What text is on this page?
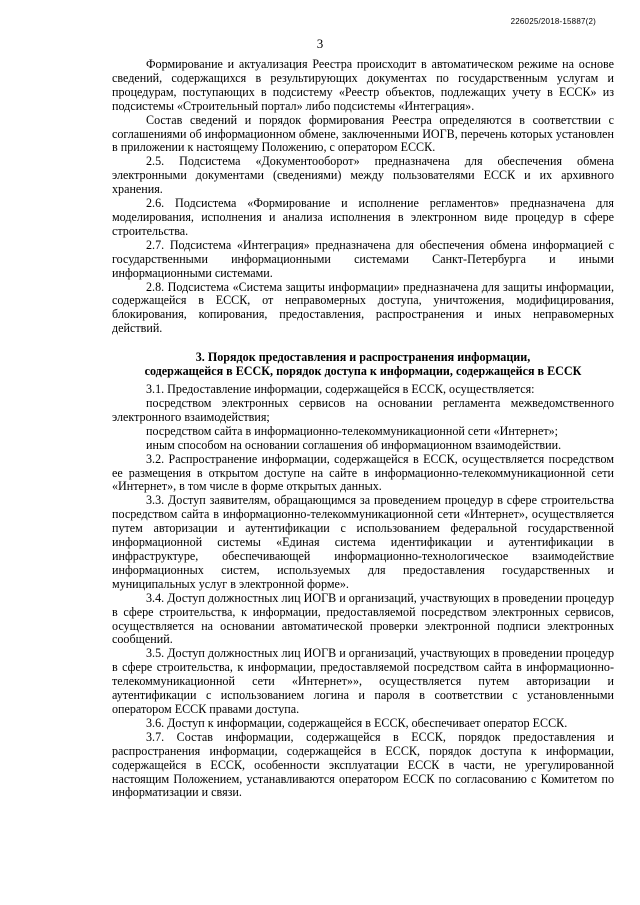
226025/2018-15887(2)
3

Формирование и актуализация Реестра происходит в автоматическом режиме на основе сведений, содержащихся в результирующих документах по государственным услугам и процедурам, поступающих в подсистему «Реестр объектов, подлежащих учету в ЕССК» из подсистемы «Строительный портал» либо подсистемы «Интеграция».

Состав сведений и порядок формирования Реестра определяются в соответствии с соглашениями об информационном обмене, заключенными ИОГВ, перечень которых установлен в приложении к настоящему Положению, с оператором ЕССК.

2.5. Подсистема «Документооборот» предназначена для обеспечения обмена электронными документами (сведениями) между пользователями ЕССК и их архивного хранения.

2.6. Подсистема «Формирование и исполнение регламентов» предназначена для моделирования, исполнения и анализа исполнения в электронном виде процедур в сфере строительства.

2.7. Подсистема «Интеграция» предназначена для обеспечения обмена информацией с государственными информационными системами Санкт-Петербурга и иными информационными системами.

2.8. Подсистема «Система защиты информации» предназначена для защиты информации, содержащейся в ЕССК, от неправомерных доступа, уничтожения, модифицирования, блокирования, копирования, предоставления, распространения и иных неправомерных действий.

3. Порядок предоставления и распространения информации,
содержащейся в ЕССК, порядок доступа к информации, содержащейся в ЕССК

3.1. Предоставление информации, содержащейся в ЕССК, осуществляется:

посредством электронных сервисов на основании регламента межведомственного электронного взаимодействия;

посредством сайта в информационно-телекоммуникационной сети «Интернет»;

иным способом на основании соглашения об информационном взаимодействии.

3.2. Распространение информации, содержащейся в ЕССК, осуществляется посредством ее размещения в открытом доступе на сайте в информационно-телекоммуникационной сети «Интернет», в том числе в форме открытых данных.

3.3. Доступ заявителям, обращающимся за проведением процедур в сфере строительства посредством сайта в информационно-телекоммуникационной сети «Интернет», осуществляется путем авторизации и аутентификации с использованием федеральной государственной информационной системы «Единая система идентификации и аутентификации в инфраструктуре, обеспечивающей информационно-технологическое взаимодействие информационных систем, используемых для предоставления государственных и муниципальных услуг в электронной форме».

3.4. Доступ должностных лиц ИОГВ и организаций, участвующих в проведении процедур в сфере строительства, к информации, предоставляемой посредством электронных сервисов, осуществляется на основании автоматической проверки электронной подписи электронных сообщений.

3.5. Доступ должностных лиц ИОГВ и организаций, участвующих в проведении процедур в сфере строительства, к информации, предоставляемой посредством сайта в информационно-телекоммуникационной сети «Интернет»», осуществляется путем авторизации и аутентификации с использованием логина и пароля в соответствии с установленными оператором ЕССК правами доступа.

3.6. Доступ к информации, содержащейся в ЕССК, обеспечивает оператор ЕССК.

3.7. Состав информации, содержащейся в ЕССК, порядок предоставления и распространения информации, содержащейся в ЕССК, порядок доступа к информации, содержащейся в ЕССК, особенности эксплуатации ЕССК в части, не урегулированной настоящим Положением, устанавливаются оператором ЕССК по согласованию с Комитетом по информатизации и связи.
